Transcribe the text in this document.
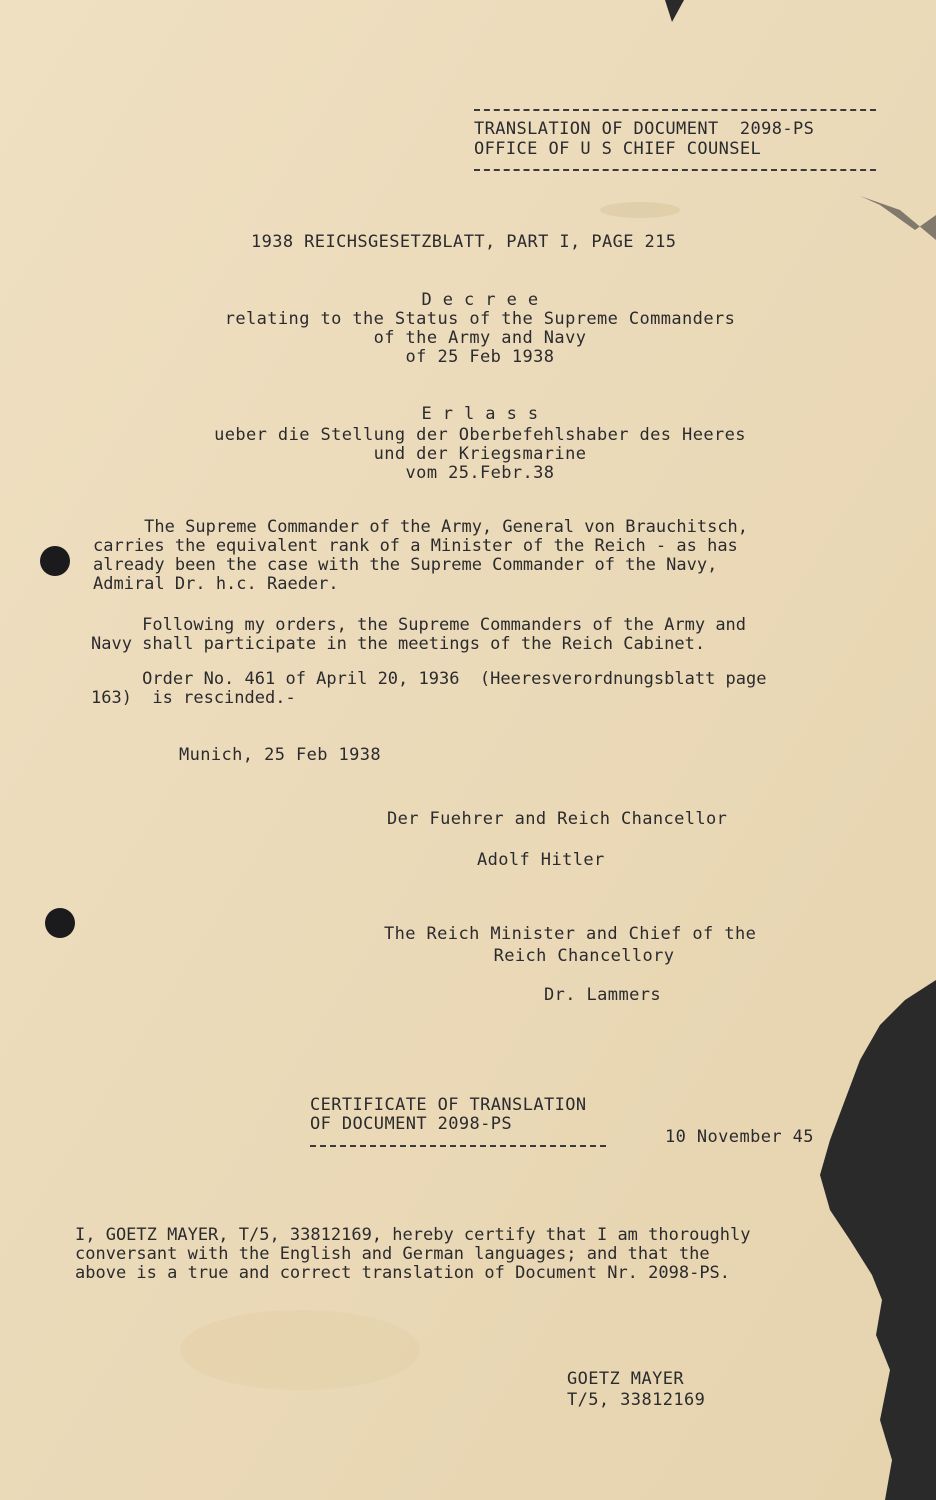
TRANSLATION OF DOCUMENT  2098-PS
OFFICE OF U S CHIEF COUNSEL
1938 REICHSGESETZBLATT, PART I, PAGE 215
D e c r e e
relating to the Status of the Supreme Commanders
of the Army and Navy
of 25 Feb 1938
E r l a s s
ueber die Stellung der Oberbefehlshaber des Heeres
und der Kriegsmarine
vom 25.Febr.38
The Supreme Commander of the Army, General von Brauchitsch,
carries the equivalent rank of a Minister of the Reich - as has
already been the case with the Supreme Commander of the Navy,
Admiral Dr. h.c. Raeder.
Following my orders, the Supreme Commanders of the Army and
Navy shall participate in the meetings of the Reich Cabinet.
Order No. 461 of April 20, 1936  (Heeresverordnungsblatt page
163)  is rescinded.-
Munich, 25 Feb 1938
Der Fuehrer and Reich Chancellor
Adolf Hitler
The Reich Minister and Chief of the
Reich Chancellory
Dr. Lammers
CERTIFICATE OF TRANSLATION
OF DOCUMENT 2098-PS
10 November 45
I, GOETZ MAYER, T/5, 33812169, hereby certify that I am thoroughly
conversant with the English and German languages; and that the
above is a true and correct translation of Document Nr. 2098-PS.
GOETZ MAYER
T/5, 33812169
